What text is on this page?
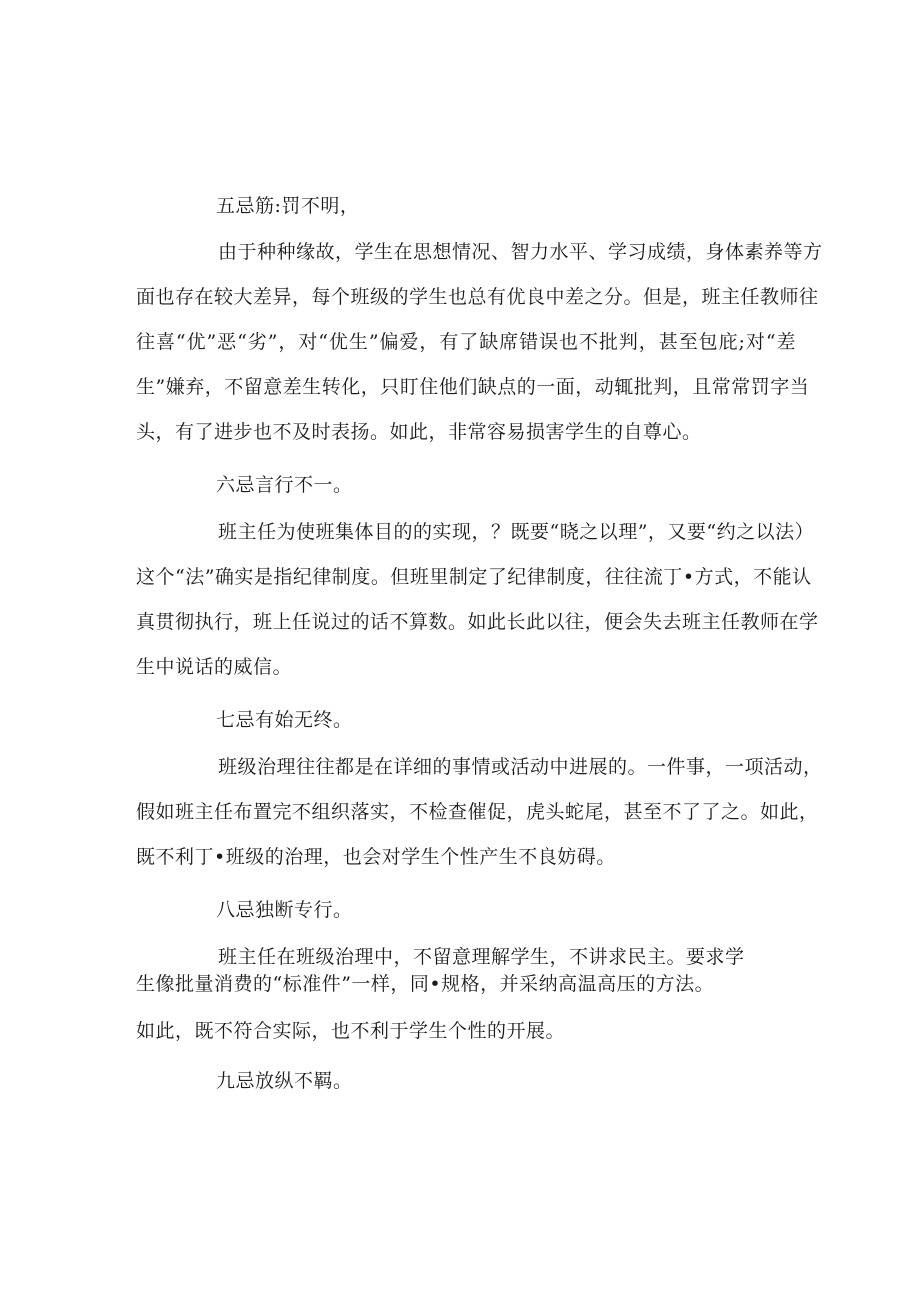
五忌筋:罚不明，
由于种种缘故，学生在思想情况、智力水平、学习成绩，身体素养等方
面也存在较大差异，每个班级的学生也总有优良中差之分。但是，班主任教师往
往喜“优”恶“劣”，对“优生”偏爱，有了缺席错误也不批判，甚至包庇;对“差
生”嫌弃，不留意差生转化，只盯住他们缺点的一面，动辄批判，且常常罚字当
头，有了进步也不及时表扬。如此，非常容易损害学生的自尊心。
六忌言行不一。
班主任为使班集体目的的实现，？既要“晓之以理”，又要“约之以法）
这个“法”确实是指纪律制度。但班里制定了纪律制度，往往流丁•方式，不能认
真贯彻执行，班上任说过的话不算数。如此长此以往，便会失去班主任教师在学
生中说话的威信。
七忌有始无终。
班级治理往往都是在详细的事情或活动中进展的。一件事，一项活动，
假如班主任布置完不组织落实，不检查催促，虎头蛇尾，甚至不了了之。如此，
既不利丁•班级的治理，也会对学生个性产生不良妨碍。
八忌独断专行。
班主任在班级治理中，不留意理解学生，不讲求民主。要求学
生像批量消费的“标准件”一样，同•规格，并采纳高温高压的方法。
如此，既不符合实际，也不利于学生个性的开展。
九忌放纵不羁。
